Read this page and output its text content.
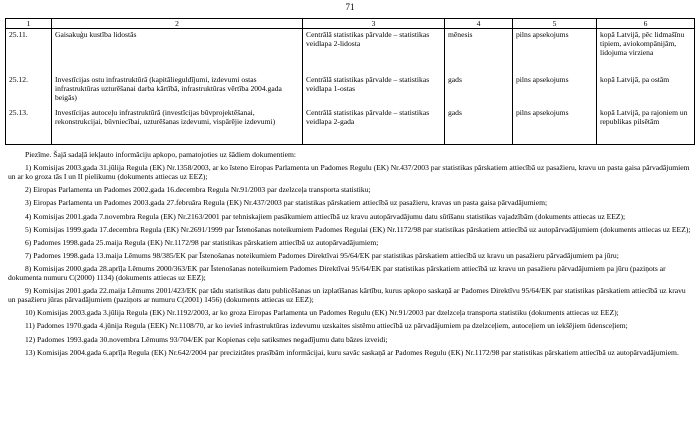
71
1	2	3	4	5	6
25.11.	Gaisakuģu kustība lidostās	Centrālā statistikas pārvalde – statistikas veidlapa 2-lidosta	mēnesis	pilns apsekojums	kopā Latvijā, pēc lidmašīnu tipiem, aviokompānijām, lidojuma virziena
25.12.	Investīcijas ostu infrastruktūrā (kapitālieguldījumi, izdevumi ostas infrastruktūras uzturēšanai darba kārtībā, infrastruktūras vērtība 2004.gada beigās)	Centrālā statistikas pārvalde – statistikas veidlapa 1-ostas	gads	pilns apsekojums	kopā Latvijā, pa ostām
25.13.	Investīcijas autoceļu infrastruktūrā (investīcijas būvprojektēšanai, rekonstrukcijai, būvniecībai, uzturēšanas izdevumi, vispārējie izdevumi)	Centrālā statistikas pārvalde – statistikas veidlapa 2-gada	gads	pilns apsekojums	kopā Latvijā, pa rajoniem un republikas pilsētām

Piezīme. Šajā sadaļā iekļauto informāciju apkopo, pamatojoties uz šādiem dokumentiem:

1) Komisijas 2003.gada 31.jūlija Regula (EK) Nr.1358/2003, ar ko īsteno Eiropas Parlamenta un Padomes Regulu (EK) Nr.437/2003 par statistikas pārskatiem attiecībā uz pasažieru, kravu un pasta gaisa pārvadājumiem un ar ko groza tās I un II pielikumu (dokuments attiecas uz EEZ);

2) Eiropas Parlamenta un Padomes 2002.gada 16.decembra Regula Nr.91/2003 par dzelzceļa transporta statistiku;

3) Eiropas Parlamenta un Padomes 2003.gada 27.februāra Regula (EK) Nr.437/2003 par statistikas pārskatiem attiecībā uz pasažieru, kravas un pasta gaisa pārvadājumiem;

4) Komisijas 2001.gada 7.novembra Regula (EK) Nr.2163/2001 par tehniskajiem pasākumiem attiecībā uz kravu autopārvadājumu datu sūtīšanu statistikas vajadzībām (dokuments attiecas uz EEZ);

5) Komisijas 1999.gada 17.decembra Regula (EK) Nr.2691/1999 par Īstenošanas noteikumiem Padomes Regulai (EK) Nr.1172/98 par statistikas pārskatiem attiecībā uz autopārvadājumiem (dokuments attiecas uz EEZ);

6) Padomes 1998.gada 25.maija Regula (EK) Nr.1172/98 par statistikas pārskatiem attiecībā uz autopārvadājumiem;

7) Padomes 1998.gada 13.maija Lēmums 98/385/EK par Īstenošanas noteikumiem Padomes Direktīvai 95/64/EK par statistikas pārskatiem attiecībā uz kravu un pasažieru pārvadājumiem pa jūru;

8) Komisijas 2000.gada 28.aprīļa Lēmums 2000/363/EK par Īstenošanas noteikumiem Padomes Direktīvai 95/64/EK par statistikas pārskatiem attiecībā uz kravu un pasažieru pārvadājumiem pa jūru (paziņots ar dokumenta numuru C(2000) 1134) (dokuments attiecas uz EEZ);

9) Komisijas 2001.gada 22.maija Lēmums 2001/423/EK par tādu statistikas datu publicēšanas un izplatīšanas kārtību, kurus apkopo saskaņā ar Padomes Direktīvu 95/64/EK par statistikas pārskatiem attiecībā uz kravu un pasažieru jūras pārvadājumiem (paziņots ar numuru C(2001) 1456) (dokuments attiecas uz EEZ);

10) Komisijas 2003.gada 3.jūlija Regula (EK) Nr.1192/2003, ar ko groza Eiropas Parlamenta un Padomes Regulu (EK) Nr.91/2003 par dzelzceļa transporta statistiku (dokuments attiecas uz EEZ);

11) Padomes 1970.gada 4.jūnija Regula (EEK) Nr.1108/70, ar ko ievieš infrastruktūras izdevumu uzskaites sistēmu attiecībā uz pārvadājumiem pa dzelzceļiem, autoceļiem un iekšējiem ūdensceļiem;

12) Padomes 1993.gada 30.novembra Lēmums 93/704/EK par Kopienas ceļu satiksmes negadījumu datu bāzes izveidi;

13) Komisijas 2004.gada 6.aprīļa Regula (EK) Nr.642/2004 par precizitātes prasībām informācijai, kuru savāc saskaņā ar Padomes Regulu (EK) Nr.1172/98 par statistikas pārskatiem attiecībā uz autopārvadājumiem.
